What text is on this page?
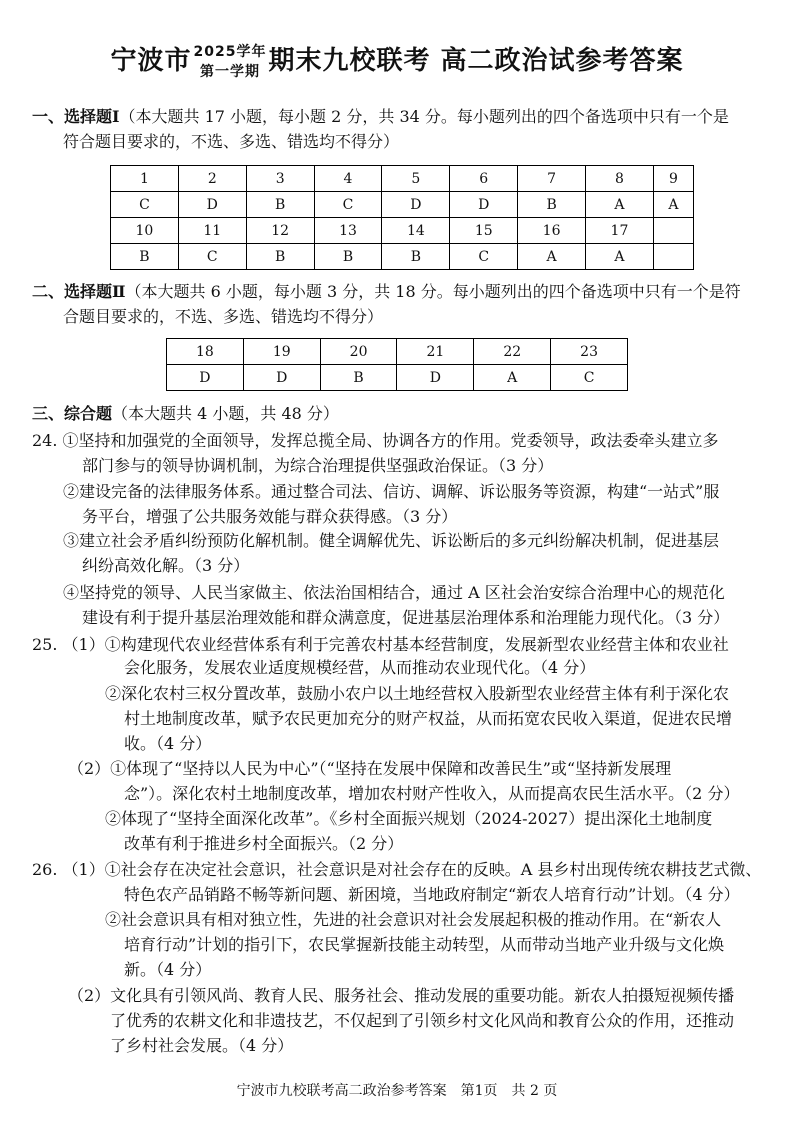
宁波市 2025学年
第一学期 期末九校联考 高二政治试参考答案
一、选择题Ⅰ（本大题共 17 小题，每小题 2 分，共 34 分。每小题列出的四个备选项中只有一个是
符合题目要求的，不选、多选、错选均不得分）
1	2	3	4	5	6	7	8	9
C	D	B	C	D	D	B	A	A
10	11	12	13	14	15	16	17	
B	C	B	B	B	C	A	A	
二、选择题Ⅱ（本大题共 6 小题，每小题 3 分，共 18 分。每小题列出的四个备选项中只有一个是符
合题目要求的，不选、多选、错选均不得分）
18	19	20	21	22	23
D	D	B	D	A	C
三、综合题（本大题共 4 小题，共 48 分）
24. ①坚持和加强党的全面领导，发挥总揽全局、协调各方的作用。党委领导，政法委牵头建立多
部门参与的领导协调机制，为综合治理提供坚强政治保证。（3 分）
②建设完备的法律服务体系。通过整合司法、信访、调解、诉讼服务等资源，构建“一站式”服
务平台，增强了公共服务效能与群众获得感。（3 分）
③建立社会矛盾纠纷预防化解机制。健全调解优先、诉讼断后的多元纠纷解决机制，促进基层
纠纷高效化解。（3 分）
④坚持党的领导、人民当家做主、依法治国相结合，通过 A 区社会治安综合治理中心的规范化
建设有利于提升基层治理效能和群众满意度，促进基层治理体系和治理能力现代化。（3 分）
25. （1）①构建现代农业经营体系有利于完善农村基本经营制度，发展新型农业经营主体和农业社
会化服务，发展农业适度规模经营，从而推动农业现代化。（4 分）
②深化农村三权分置改革，鼓励小农户以土地经营权入股新型农业经营主体有利于深化农
村土地制度改革，赋予农民更加充分的财产权益，从而拓宽农民收入渠道，促进农民增
收。（4 分）
（2）①体现了“坚持以人民为中心”（“坚持在发展中保障和改善民生”或“坚持新发展理
念”）。深化农村土地制度改革，增加农村财产性收入，从而提高农民生活水平。（2 分）
②体现了“坚持全面深化改革”。《乡村全面振兴规划（2024-2027）提出深化土地制度
改革有利于推进乡村全面振兴。（2 分）
26. （1）①社会存在决定社会意识，社会意识是对社会存在的反映。A 县乡村出现传统农耕技艺式微、
特色农产品销路不畅等新问题、新困境，当地政府制定“新农人培育行动”计划。（4 分）
②社会意识具有相对独立性，先进的社会意识对社会发展起积极的推动作用。在“新农人
培育行动”计划的指引下，农民掌握新技能主动转型，从而带动当地产业升级与文化焕
新。（4 分）
（2）文化具有引领风尚、教育人民、服务社会、推动发展的重要功能。新农人拍摄短视频传播
了优秀的农耕文化和非遗技艺，不仅起到了引领乡村文化风尚和教育公众的作用，还推动
了乡村社会发展。（4 分）
宁波市九校联考高二政治参考答案　第1页　共 2 页
